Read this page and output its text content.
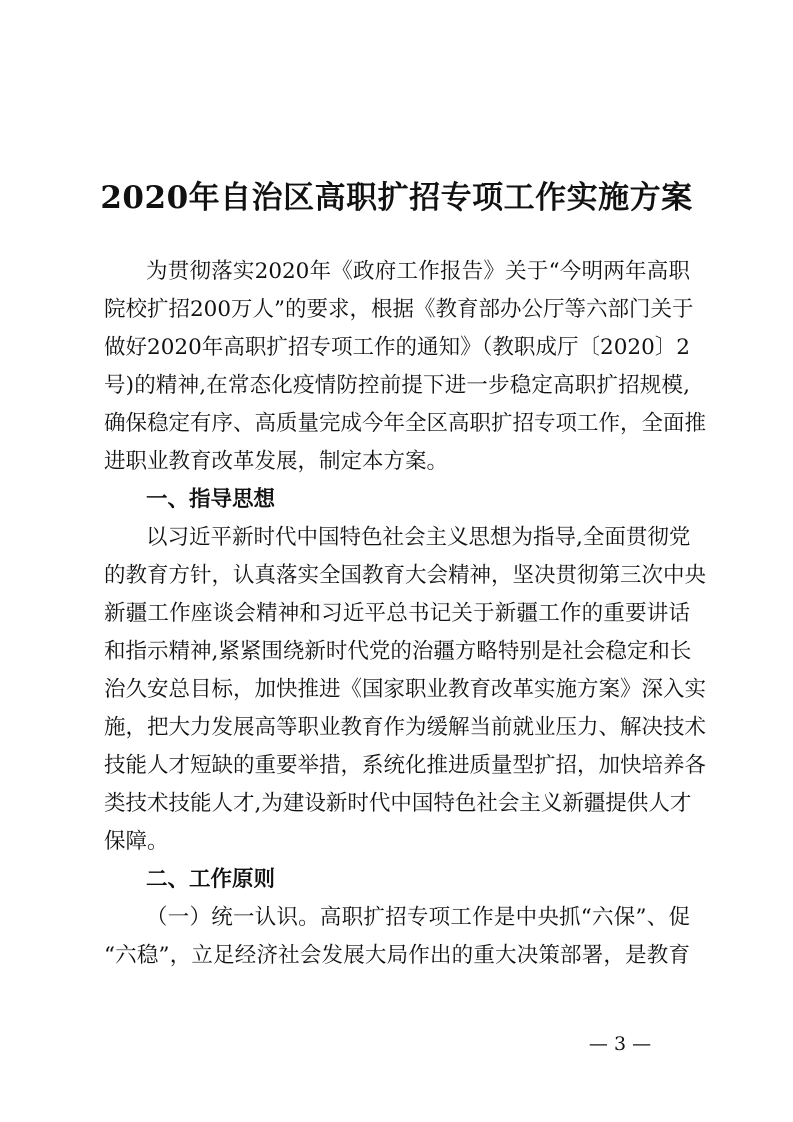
2020年自治区高职扩招专项工作实施方案

为贯彻落实2020年《政府工作报告》关于“今明两年高职

院校扩招200万人”的要求，根据《教育部办公厅等六部门关于

做好2020年高职扩招专项工作的通知》（教职成厅〔2020〕2

号)的精神,在常态化疫情防控前提下进一步稳定高职扩招规模,

确保稳定有序、高质量完成今年全区高职扩招专项工作，全面推

进职业教育改革发展，制定本方案。

一、指导思想

以习近平新时代中国特色社会主义思想为指导,全面贯彻党

的教育方针，认真落实全国教育大会精神，坚决贯彻第三次中央

新疆工作座谈会精神和习近平总书记关于新疆工作的重要讲话

和指示精神,紧紧围绕新时代党的治疆方略特别是社会稳定和长

治久安总目标，加快推进《国家职业教育改革实施方案》深入实

施，把大力发展高等职业教育作为缓解当前就业压力、解决技术

技能人才短缺的重要举措，系统化推进质量型扩招，加快培养各

类技术技能人才,为建设新时代中国特色社会主义新疆提供人才

保障。

二、工作原则

（一）统一认识。高职扩招专项工作是中央抓“六保”、促

“六稳”，立足经济社会发展大局作出的重大决策部署，是教育

— 3 —
